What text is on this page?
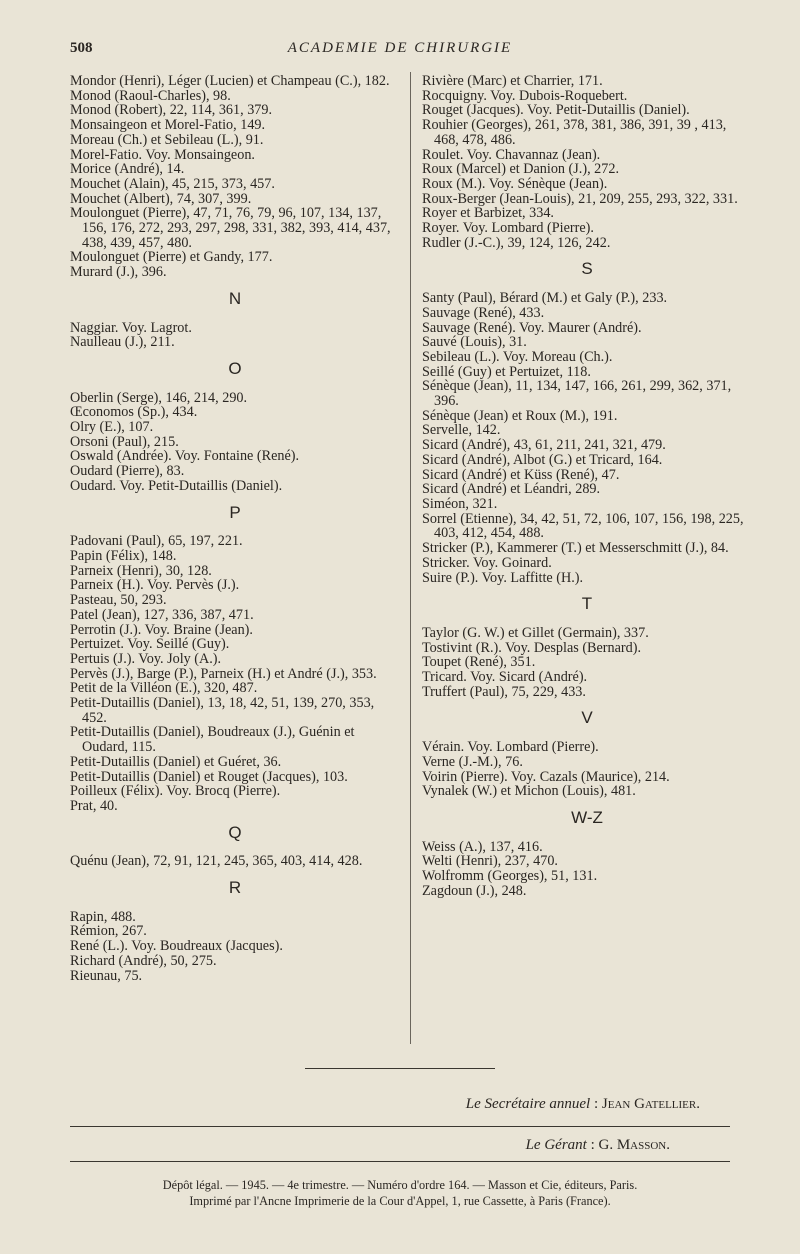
508	ACADEMIE DE CHIRURGIE
Mondor (Henri), Léger (Lucien) et Champeau (C.), 182.
Monod (Raoul-Charles), 98.
Monod (Robert), 22, 114, 361, 379.
Monsaingeon et Morel-Fatio, 149.
Moreau (Ch.) et Sebileau (L.), 91.
Morel-Fatio. Voy. Monsaingeon.
Morice (André), 14.
Mouchet (Alain), 45, 215, 373, 457.
Mouchet (Albert), 74, 307, 399.
Moulonguet (Pierre), 47, 71, 76, 79, 96, 107, 134, 137, 156, 176, 272, 293, 297, 298, 331, 382, 393, 414, 437, 438, 439, 457, 480.
Moulonguet (Pierre) et Gandy, 177.
Murard (J.), 396.
N
Naggiar. Voy. Lagrot.
Naulleau (J.), 211.
O
Oberlin (Serge), 146, 214, 290.
Œconomos (Sp.), 434.
Olry (E.), 107.
Orsoni (Paul), 215.
Oswald (Andrée). Voy. Fontaine (René).
Oudard (Pierre), 83.
Oudard. Voy. Petit-Dutaillis (Daniel).
P
Padovani (Paul), 65, 197, 221.
Papin (Félix), 148.
Parneix (Henri), 30, 128.
Parneix (H.). Voy. Pervès (J.).
Pasteau, 50, 293.
Patel (Jean), 127, 336, 387, 471.
Perrotin (J.). Voy. Braine (Jean).
Pertuizet. Voy. Seillé (Guy).
Pertuis (J.). Voy. Joly (A.).
Pervès (J.), Barge (P.), Parneix (H.) et André (J.), 353.
Petit de la Villéon (E.), 320, 487.
Petit-Dutaillis (Daniel), 13, 18, 42, 51, 139, 270, 353, 452.
Petit-Dutaillis (Daniel), Boudreaux (J.), Guénin et Oudard, 115.
Petit-Dutaillis (Daniel) et Guéret, 36.
Petit-Dutaillis (Daniel) et Rouget (Jacques), 103.
Poilleux (Félix). Voy. Brocq (Pierre).
Prat, 40.
Q
Quénu (Jean), 72, 91, 121, 245, 365, 403, 414, 428.
R
Rapin, 488.
Rémion, 267.
René (L.). Voy. Boudreaux (Jacques).
Richard (André), 50, 275.
Rieunau, 75.
Rivière (Marc) et Charrier, 171.
Rocquigny. Voy. Dubois-Roquebert.
Rouget (Jacques). Voy. Petit-Dutaillis (Daniel).
Rouhier (Georges), 261, 378, 381, 386, 391, 39 , 413, 468, 478, 486.
Roulet. Voy. Chavannaz (Jean).
Roux (Marcel) et Danion (J.), 272.
Roux (M.). Voy. Sénèque (Jean).
Roux-Berger (Jean-Louis), 21, 209, 255, 293, 322, 331.
Royer et Barbizet, 334.
Royer. Voy. Lombard (Pierre).
Rudler (J.-C.), 39, 124, 126, 242.
S
Santy (Paul), Bérard (M.) et Galy (P.), 233.
Sauvage (René), 433.
Sauvage (René). Voy. Maurer (André).
Sauvé (Louis), 31.
Sebileau (L.). Voy. Moreau (Ch.).
Seillé (Guy) et Pertuizet, 118.
Sénèque (Jean), 11, 134, 147, 166, 261, 299, 362, 371, 396.
Sénèque (Jean) et Roux (M.), 191.
Servelle, 142.
Sicard (André), 43, 61, 211, 241, 321, 479.
Sicard (André), Albot (G.) et Tricard, 164.
Sicard (André) et Küss (René), 47.
Sicard (André) et Léandri, 289.
Siméon, 321.
Sorrel (Etienne), 34, 42, 51, 72, 106, 107, 156, 198, 225, 403, 412, 454, 488.
Stricker (P.), Kammerer (T.) et Messerschmitt (J.), 84.
Stricker. Voy. Goinard.
Suire (P.). Voy. Laffitte (H.).
T
Taylor (G. W.) et Gillet (Germain), 337.
Tostivint (R.). Voy. Desplas (Bernard).
Toupet (René), 351.
Tricard. Voy. Sicard (André).
Truffert (Paul), 75, 229, 433.
V
Vérain. Voy. Lombard (Pierre).
Verne (J.-M.), 76.
Voirin (Pierre). Voy. Cazals (Maurice), 214.
Vynalek (W.) et Michon (Louis), 481.
W-Z
Weiss (A.), 137, 416.
Welti (Henri), 237, 470.
Wolfromm (Georges), 51, 131.
Zagdoun (J.), 248.
Le Secrétaire annuel : Jean Gatellier.
Le Gérant : G. Masson.
Dépôt légal. — 1945. — 4e trimestre. — Numéro d'ordre 164. — Masson et Cie, éditeurs, Paris.
Imprimé par l'Ancne Imprimerie de la Cour d'Appel, 1, rue Cassette, à Paris (France).
